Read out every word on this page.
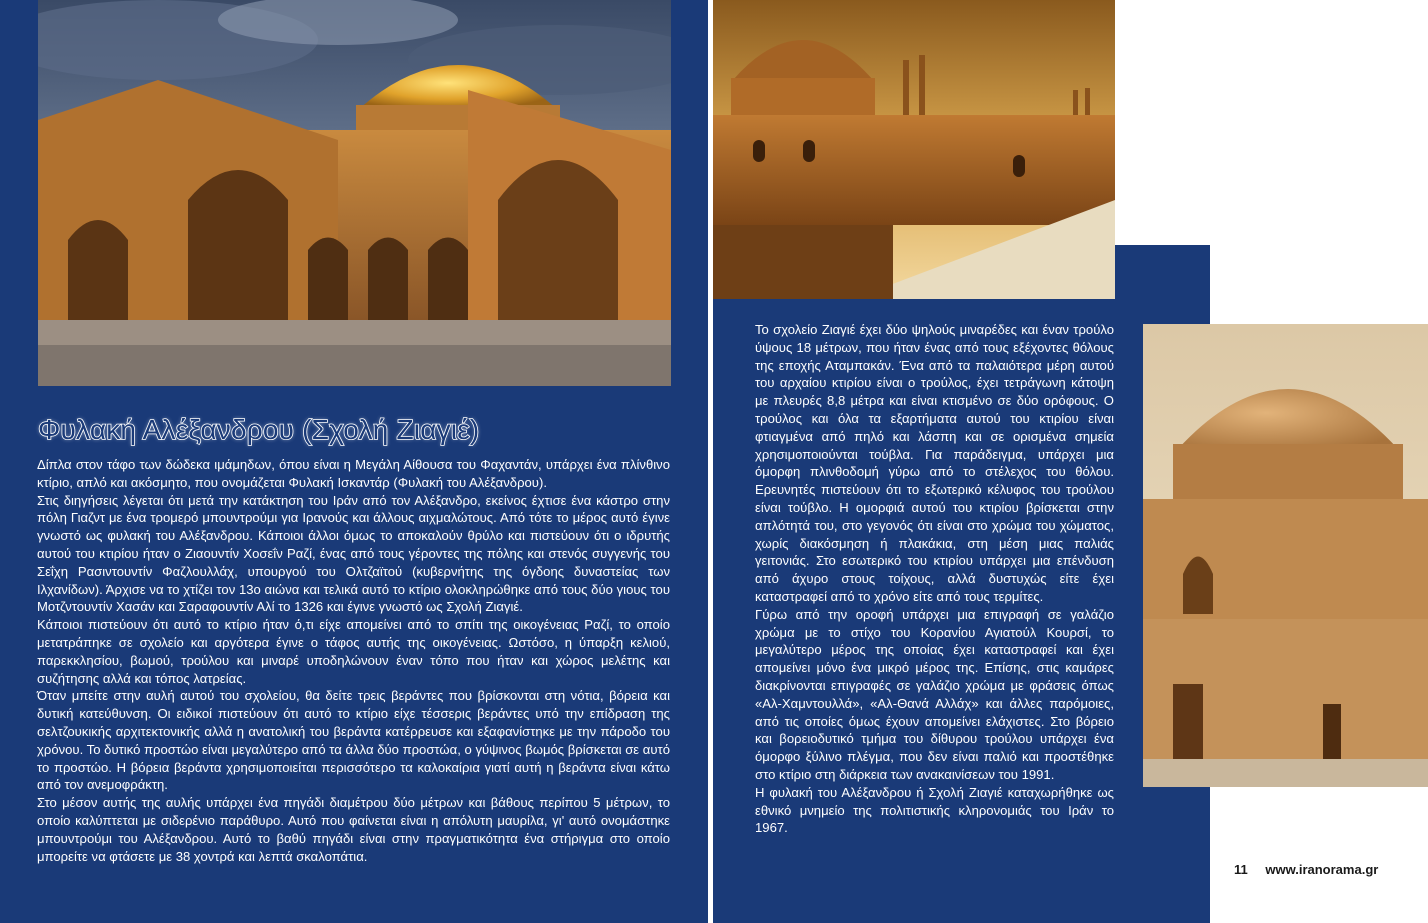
Φυλακή Αλέξανδρου (Σχολή Ζιαγιέ)

Δίπλα στον τάφο των δώδεκα ιμάμηδων, όπου είναι η Μεγάλη Αίθουσα του Φαχαντάν, υπάρχει ένα πλίνθινο κτίριο, απλό και ακόσμητο, που ονομάζεται Φυλακή Ισκαντάρ (Φυλακή του Αλέξανδρου).

Στις διηγήσεις λέγεται ότι μετά την κατάκτηση του Ιράν από τον Αλέξανδρο, εκείνος έχτισε ένα κάστρο στην πόλη Γιαζντ με ένα τρομερό μπουντρούμι για Ιρανούς και άλλους αιχμαλώτους. Από τότε το μέρος αυτό έγινε γνωστό ως φυλακή του Αλέξανδρου. Κάποιοι άλλοι όμως το αποκαλούν θρύλο και πιστεύουν ότι ο ιδρυτής αυτού του κτιρίου ήταν ο Ζιαουντίν Χοσεΐν Ραζί, ένας από τους γέροντες της πόλης και στενός συγγενής του Σεΐχη Ρασιντουντίν Φαζλουλλάχ, υπουργού του Ολτζαϊτού (κυβερνήτης της όγδοης δυναστείας των Ιλχανίδων). Άρχισε να το χτίζει τον 13ο αιώνα και τελικά αυτό το κτίριο ολοκληρώθηκε από τους δύο γιους του Μοτζντουντίν Χασάν και Σαραφουντίν Αλί το 1326 και έγινε γνωστό ως Σχολή Ζιαγιέ.

Κάποιοι πιστεύουν ότι αυτό το κτίριο ήταν ό,τι είχε απομείνει από το σπίτι της οικογένειας Ραζί, το οποίο μετατράπηκε σε σχολείο και αργότερα έγινε ο τάφος αυτής της οικογένειας. Ωστόσο, η ύπαρξη κελιού, παρεκκλησίου, βωμού, τρούλου και μιναρέ υποδηλώνουν έναν τόπο που ήταν και χώρος μελέτης και συζήτησης αλλά και τόπος λατρείας.

Όταν μπείτε στην αυλή αυτού του σχολείου, θα δείτε τρεις βεράντες που βρίσκονται στη νότια, βόρεια και δυτική κατεύθυνση. Οι ειδικοί πιστεύουν ότι αυτό το κτίριο είχε τέσσερις βεράντες υπό την επίδραση της σελτζουκικής αρχιτεκτονικής αλλά η ανατολική του βεράντα κατέρρευσε και εξαφανίστηκε με την πάροδο του χρόνου. Το δυτικό προστώο είναι μεγαλύτερο από τα άλλα δύο προστώα, ο γύψινος βωμός βρίσκεται σε αυτό το προστώο. Η βόρεια βεράντα χρησιμοποιείται περισσότερο τα καλοκαίρια γιατί αυτή η βεράντα είναι κάτω από τον ανεμοφράκτη.

Στο μέσον αυτής της αυλής υπάρχει ένα πηγάδι διαμέτρου δύο μέτρων και βάθους περίπου 5 μέτρων, το οποίο καλύπτεται με σιδερένιο παράθυρο. Αυτό που φαίνεται είναι η απόλυτη μαυρίλα, γι' αυτό ονομάστηκε μπουντρούμι του Αλέξανδρου. Αυτό το βαθύ πηγάδι είναι στην πραγματικότητα ένα στήριγμα στο οποίο μπορείτε να φτάσετε με 38 χοντρά και λεπτά σκαλοπάτια.

Το σχολείο Ζιαγιέ έχει δύο ψηλούς μιναρέδες και έναν τρούλο ύψους 18 μέτρων, που ήταν ένας από τους εξέχοντες θόλους της εποχής Αταμπακάν. Ένα από τα παλαιότερα μέρη αυτού του αρχαίου κτιρίου είναι ο τρούλος, έχει τετράγωνη κάτοψη με πλευρές 8,8 μέτρα και είναι κτισμένο σε δύο ορόφους. Ο τρούλος και όλα τα εξαρτήματα αυτού του κτιρίου είναι φτιαγμένα από πηλό και λάσπη και σε ορισμένα σημεία χρησιμοποιούνται τούβλα. Για παράδειγμα, υπάρχει μια όμορφη πλινθοδομή γύρω από το στέλεχος του θόλου. Ερευνητές πιστεύουν ότι το εξωτερικό κέλυφος του τρούλου είναι τούβλο. Η ομορφιά αυτού του κτιρίου βρίσκεται στην απλότητά του, στο γεγονός ότι είναι στο χρώμα του χώματος, χωρίς διακόσμηση ή πλακάκια, στη μέση μιας παλιάς γειτονιάς. Στο εσωτερικό του κτιρίου υπάρχει μια επένδυση από άχυρο στους τοίχους, αλλά δυστυχώς είτε έχει καταστραφεί από το χρόνο είτε από τους τερμίτες.

Γύρω από την οροφή υπάρχει μια επιγραφή σε γαλάζιο χρώμα με το στίχο του Κορανίου Αγιατούλ Κουρσί, το μεγαλύτερο μέρος της οποίας έχει καταστραφεί και έχει απομείνει μόνο ένα μικρό μέρος της. Επίσης, στις καμάρες διακρίνονται επιγραφές σε γαλάζιο χρώμα με φράσεις όπως «Αλ-Χαμντουλλά», «Αλ-Θανά Αλλάχ» και άλλες παρόμοιες, από τις οποίες όμως έχουν απομείνει ελάχιστες. Στο βόρειο και βορειοδυτικό τμήμα του δίθυρου τρούλου υπάρχει ένα όμορφο ξύλινο πλέγμα, που δεν είναι παλιό και προστέθηκε στο κτίριο στη διάρκεια των ανακαινίσεων του 1991.

Η φυλακή του Αλέξανδρου ή Σχολή Ζιαγιέ καταχωρήθηκε ως εθνικό μνημείο της πολιτιστικής κληρονομιάς του Ιράν το 1967.

11 www.iranorama.gr
